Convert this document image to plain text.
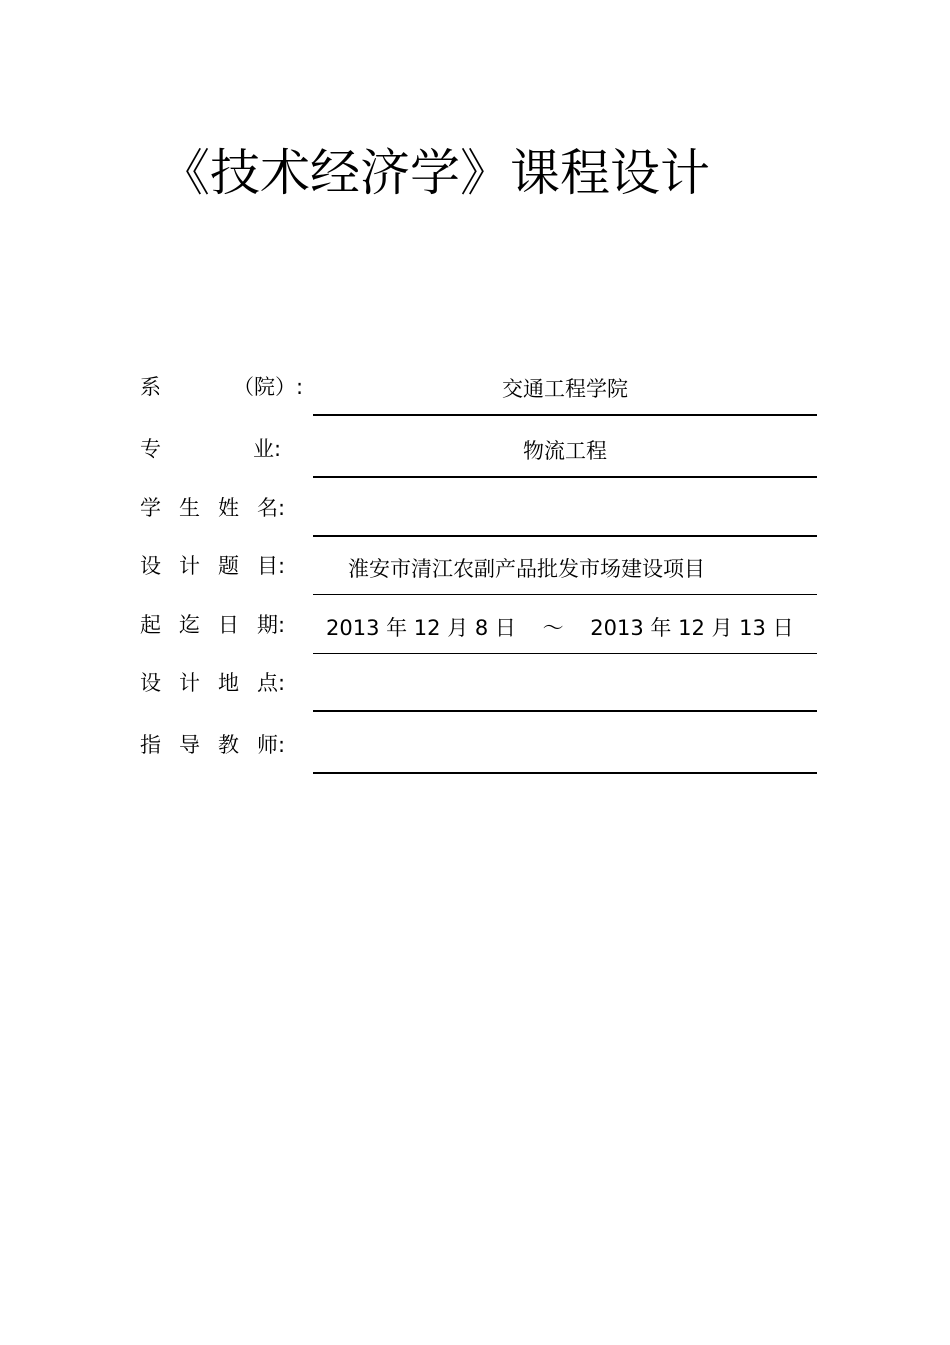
《技术经济学》课程设计
系	（院）:	交通工程学院
专	业:	物流工程
学 生 姓 名:
设 计 题 目:	淮安市清江农副产品批发市场建设项目
起 迄 日 期:	2013 年 12 月 8 日    ～    2013 年 12 月 13 日
设 计 地 点:
指 导 教 师:
